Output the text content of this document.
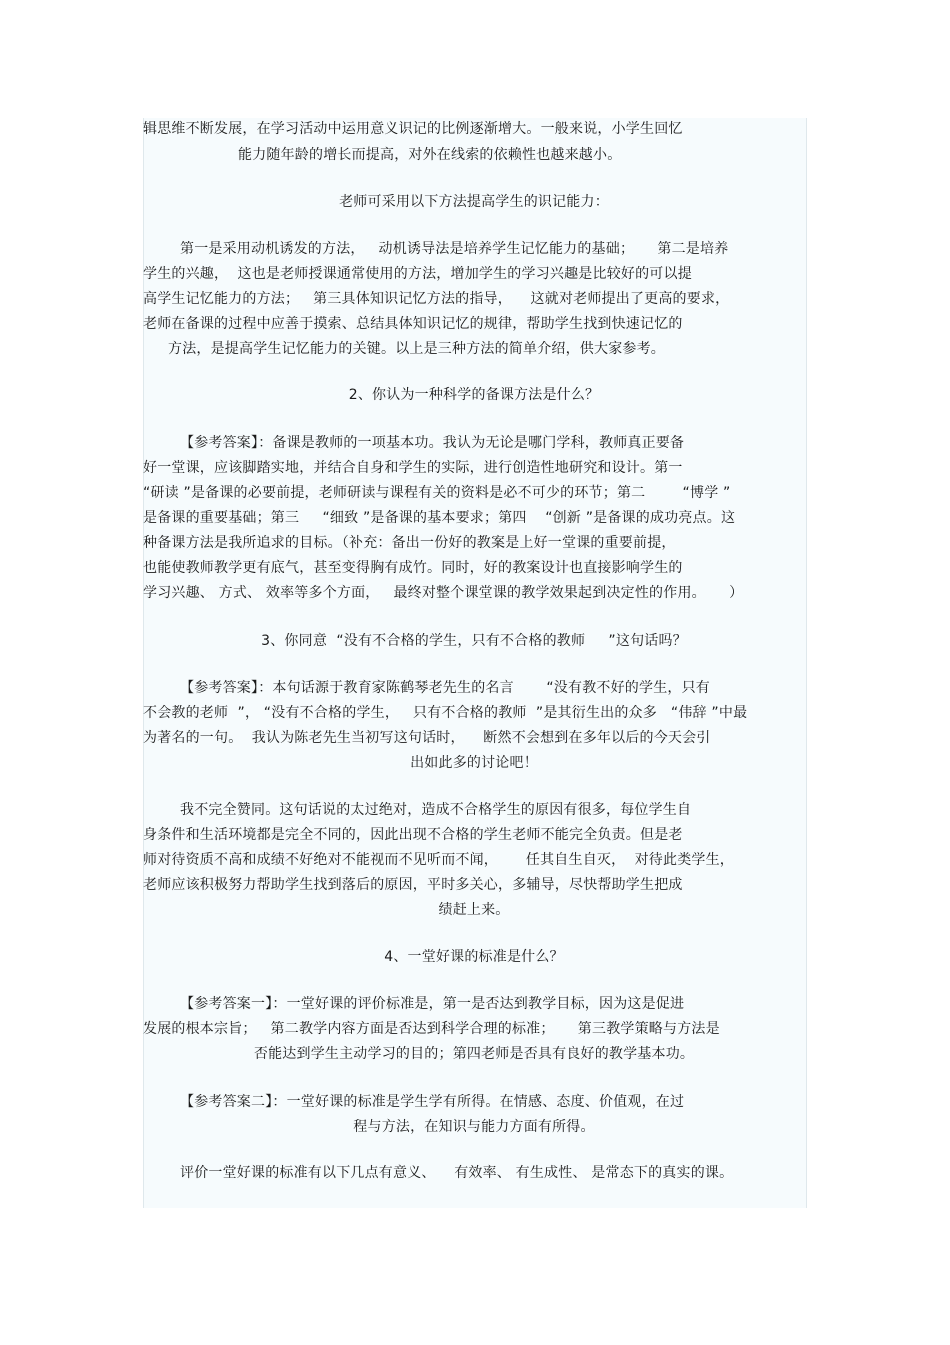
辑思维不断发展，在学习活动中运用意义识记的比例逐渐增大。一般来说，小学生回忆
能力随年龄的增长而提高，对外在线索的依赖性也越来越小。
老师可采用以下方法提高学生的识记能力：
第一是采用动机诱发的方法，   动机诱导法是培养学生记忆能力的基础；     第二是培养
学生的兴趣，  这也是老师授课通常使用的方法，增加学生的学习兴趣是比较好的可以提
高学生记忆能力的方法；   第三具体知识记忆方法的指导，    这就对老师提出了更高的要求，
老师在备课的过程中应善于摸索、总结具体知识记忆的规律，帮助学生找到快速记忆的
方法，是提高学生记忆能力的关键。以上是三种方法的简单介绍，供大家参考。
2、你认为一种科学的备课方法是什么？
【参考答案】：备课是教师的一项基本功。我认为无论是哪门学科，教师真正要备
好一堂课，应该脚踏实地，并结合自身和学生的实际，进行创造性地研究和设计。第一
“研读 ”是备课的必要前提，老师研读与课程有关的资料是必不可少的环节；第二        “博学 ”
是备课的重要基础；第三     “细致 ”是备课的基本要求；第四    “创新 ”是备课的成功亮点。这
种备课方法是我所追求的目标。（补充：备出一份好的教案是上好一堂课的重要前提，
也能使教师教学更有底气，甚至变得胸有成竹。同时，好的教案设计也直接影响学生的
学习兴趣、 方式、 效率等多个方面，   最终对整个课堂课的教学效果起到决定性的作用。     ）
3、你同意  “没有不合格的学生，只有不合格的教师     ”这句话吗？
【参考答案】：本句话源于教育家陈鹤琴老先生的名言       “没有教不好的学生，只有
不会教的老师  ”， “没有不合格的学生，   只有不合格的教师  ”是其衍生出的众多   “伟辞 ”中最
为著名的一句。  我认为陈老先生当初写这句话时，    断然不会想到在多年以后的今天会引
出如此多的讨论吧！
我不完全赞同。这句话说的太过绝对，造成不合格学生的原因有很多，每位学生自
身条件和生活环境都是完全不同的，因此出现不合格的学生老师不能完全负责。但是老
师对待资质不高和成绩不好绝对不能视而不见听而不闻，      任其自生自灭，  对待此类学生，
老师应该积极努力帮助学生找到落后的原因，平时多关心，多辅导，尽快帮助学生把成
绩赶上来。
4、一堂好课的标准是什么？
【参考答案一】：一堂好课的评价标准是，第一是否达到教学目标，因为这是促进
发展的根本宗旨；   第二教学内容方面是否达到科学合理的标准；     第三教学策略与方法是
否能达到学生主动学习的目的；第四老师是否具有良好的教学基本功。
【参考答案二】：一堂好课的标准是学生学有所得。在情感、态度、价值观，在过
程与方法，在知识与能力方面有所得。
评价一堂好课的标准有以下几点有意义、    有效率、 有生成性、 是常态下的真实的课。
